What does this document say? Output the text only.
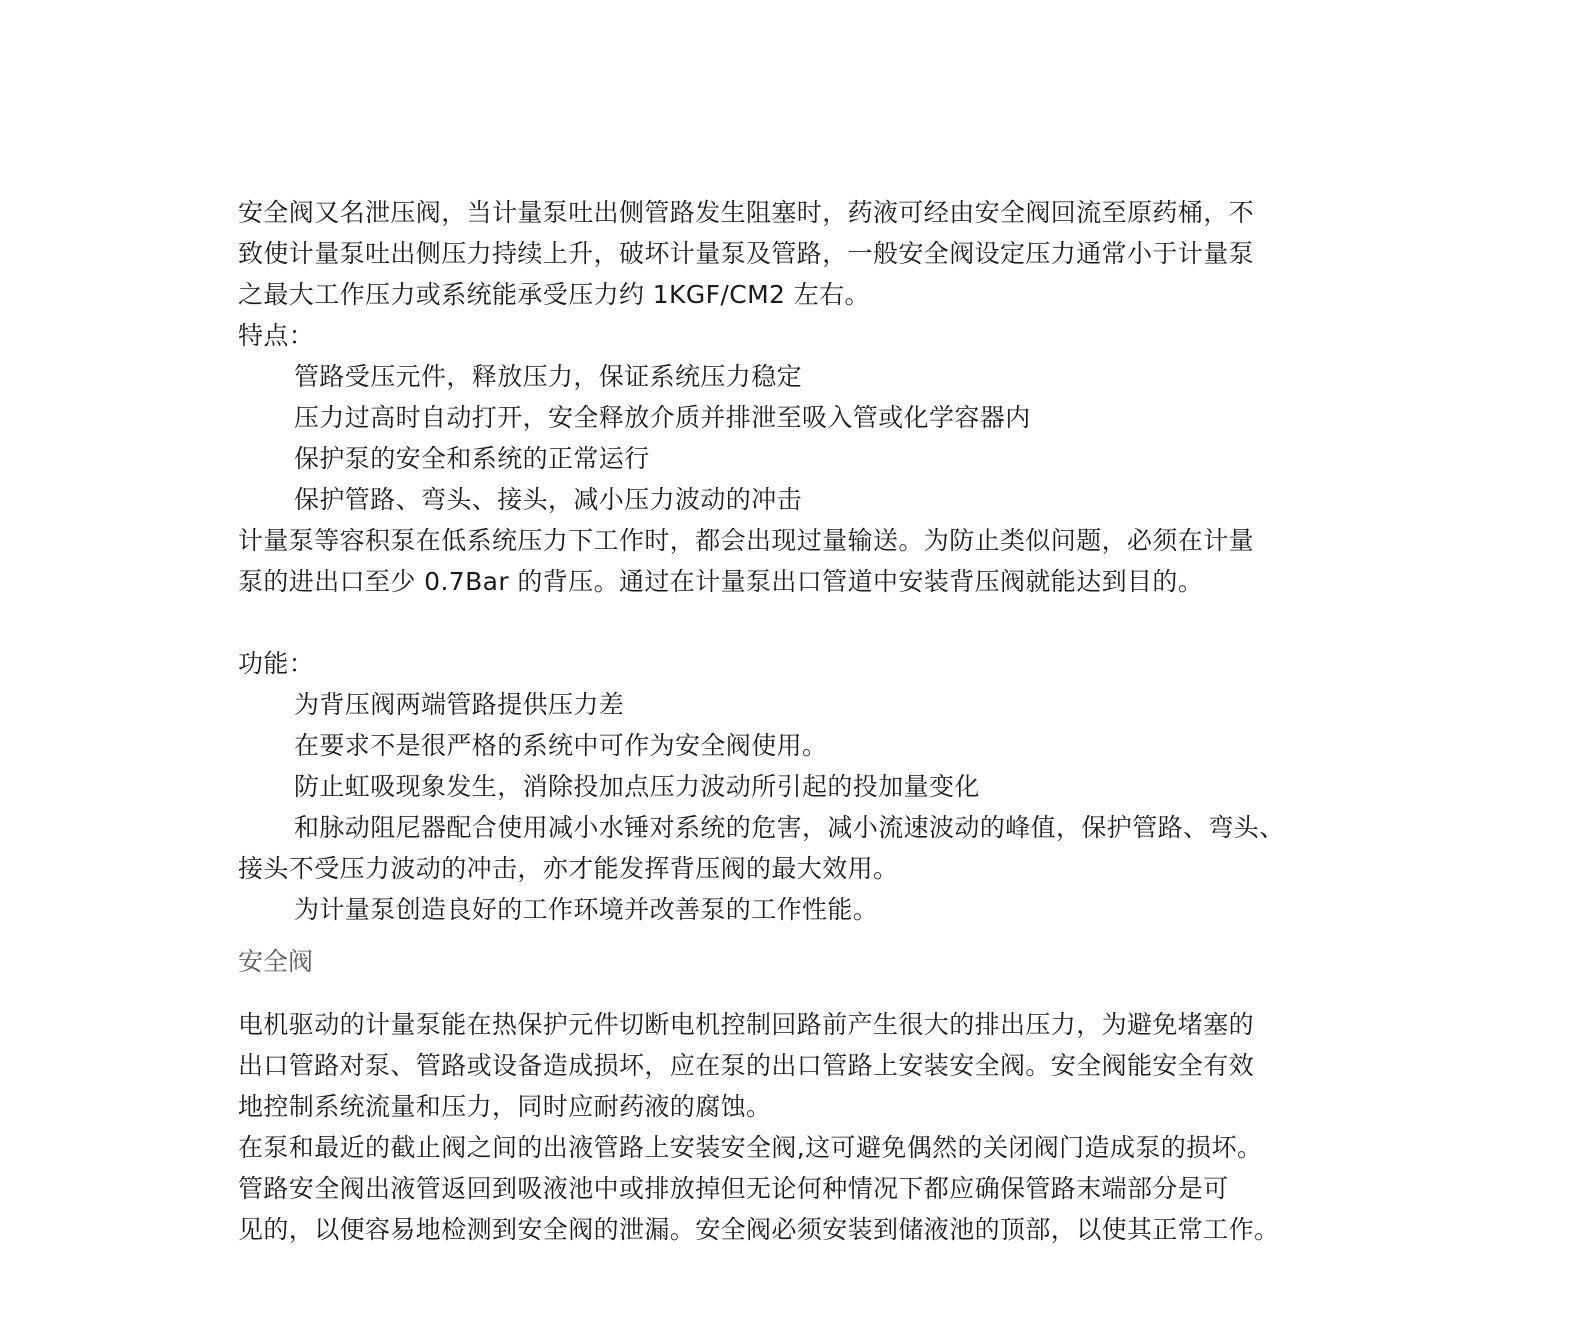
安全阀又名泄压阀，当计量泵吐出侧管路发生阻塞时，药液可经由安全阀回流至原药桶，不
致使计量泵吐出侧压力持续上升，破坏计量泵及管路，一般安全阀设定压力通常小于计量泵
之最大工作压力或系统能承受压力约 1KGF/CM2 左右。
特点：
管路受压元件，释放压力，保证系统压力稳定
压力过高时自动打开，安全释放介质并排泄至吸入管或化学容器内
保护泵的安全和系统的正常运行
保护管路、弯头、接头，减小压力波动的冲击
计量泵等容积泵在低系统压力下工作时，都会出现过量输送。为防止类似问题，必须在计量
泵的进出口至少 0.7Bar 的背压。通过在计量泵出口管道中安装背压阀就能达到目的。
功能：
为背压阀两端管路提供压力差
在要求不是很严格的系统中可作为安全阀使用。
防止虹吸现象发生，消除投加点压力波动所引起的投加量变化
和脉动阻尼器配合使用减小水锤对系统的危害，减小流速波动的峰值，保护管路、弯头、
接头不受压力波动的冲击，亦才能发挥背压阀的最大效用。
为计量泵创造良好的工作环境并改善泵的工作性能。
安全阀
电机驱动的计量泵能在热保护元件切断电机控制回路前产生很大的排出压力，为避免堵塞的
出口管路对泵、管路或设备造成损坏，应在泵的出口管路上安装安全阀。安全阀能安全有效
地控制系统流量和压力，同时应耐药液的腐蚀。
在泵和最近的截止阀之间的出液管路上安装安全阀,这可避免偶然的关闭阀门造成泵的损坏。
管路安全阀出液管返回到吸液池中或排放掉但无论何种情况下都应确保管路末端部分是可
见的，以便容易地检测到安全阀的泄漏。安全阀必须安装到储液池的顶部，以使其正常工作。
